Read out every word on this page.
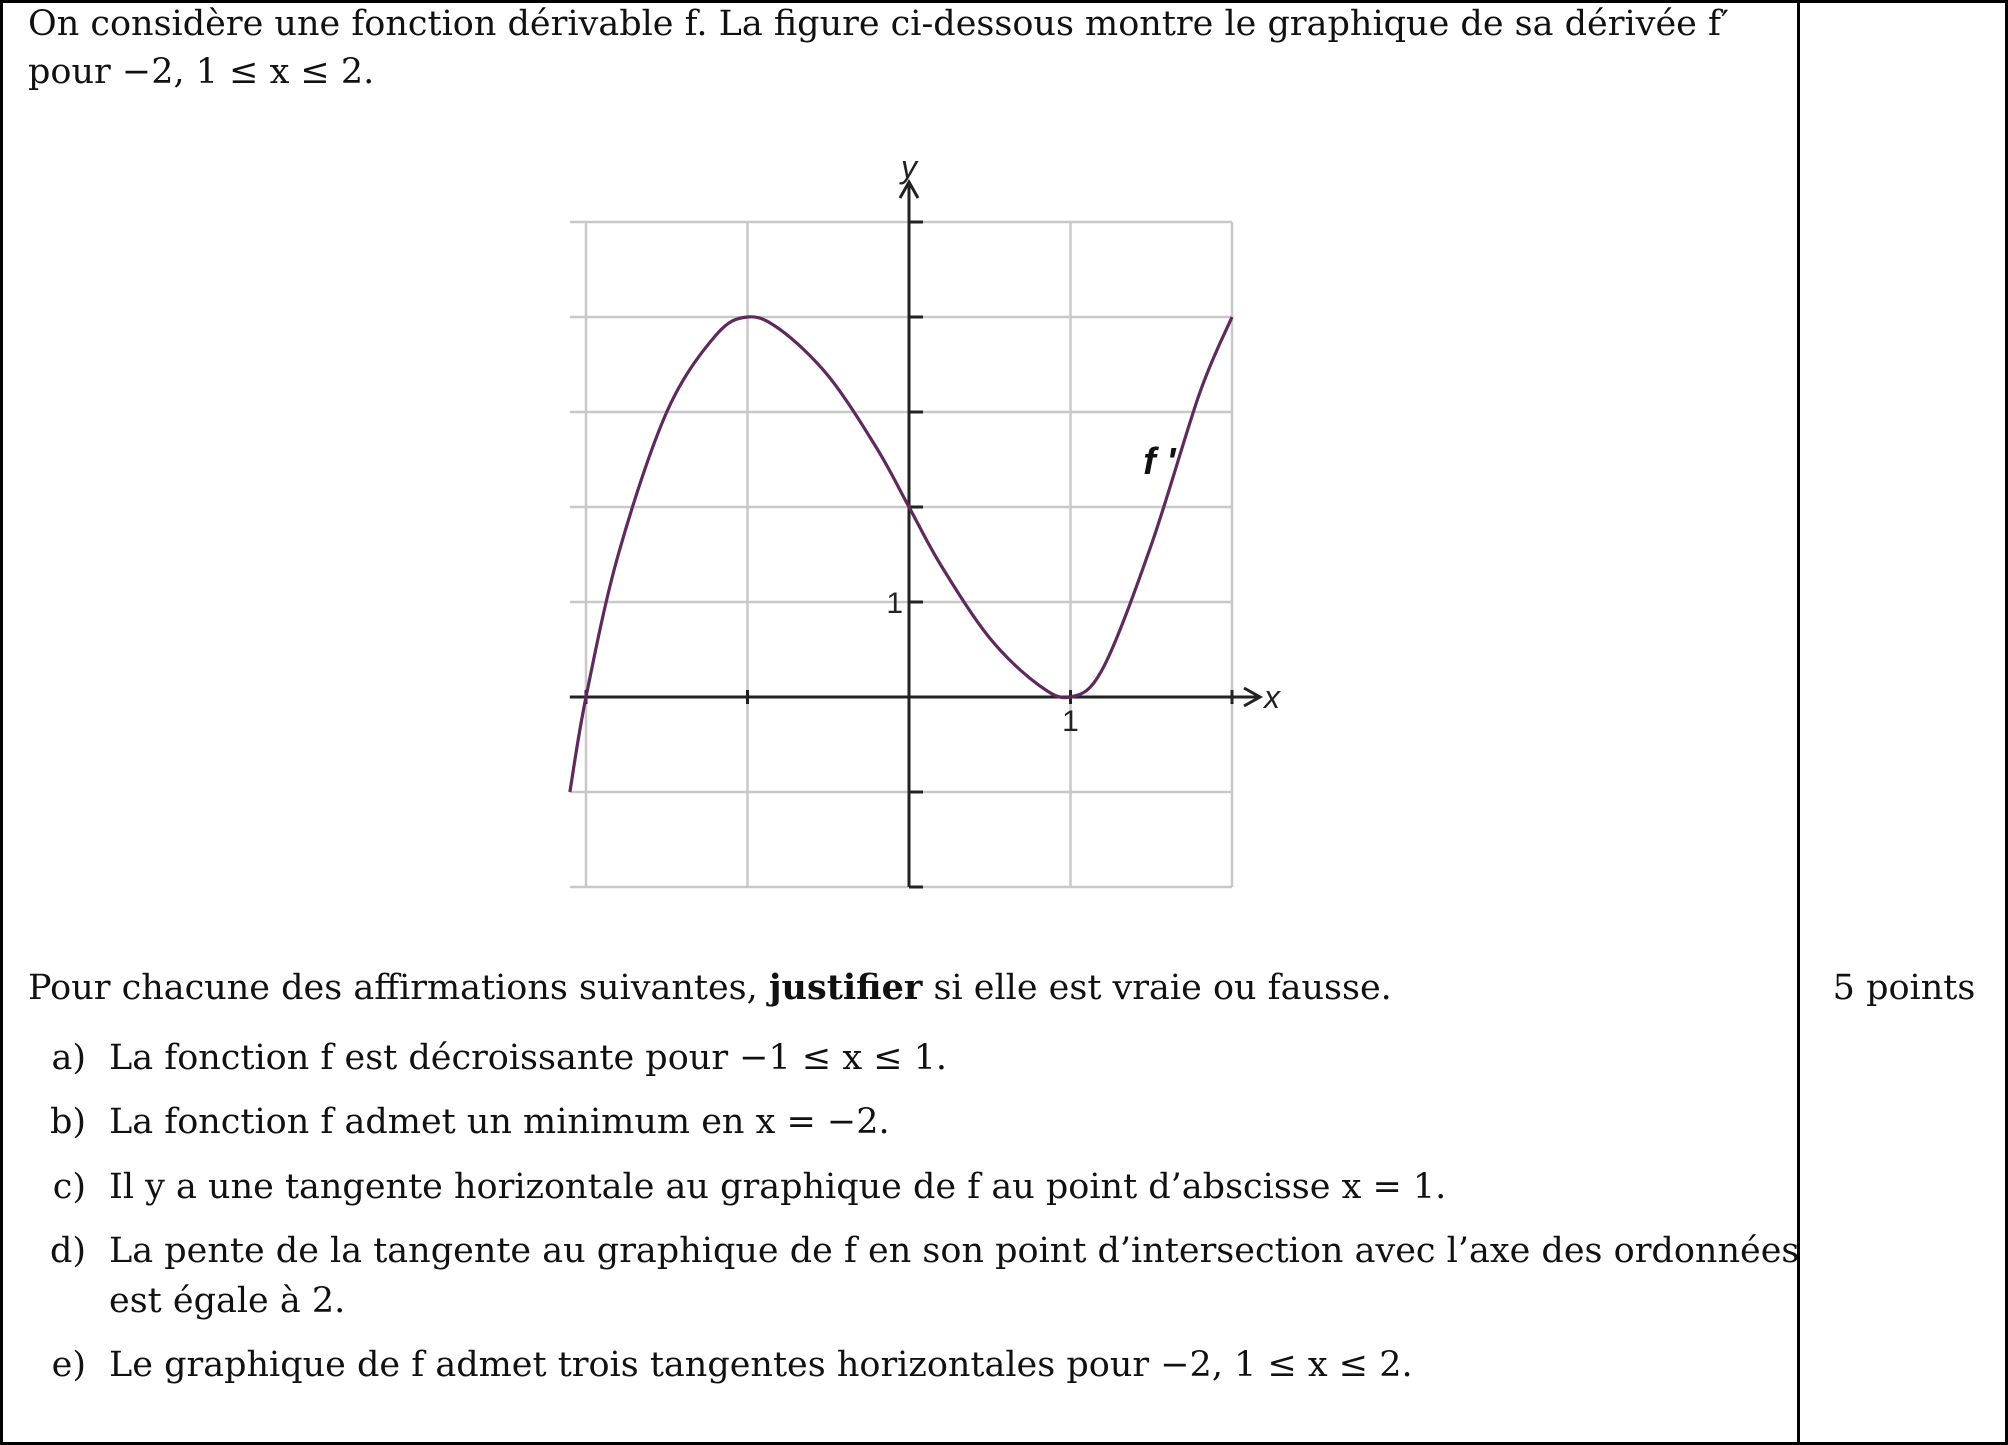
On considère une fonction dérivable f. La figure ci-dessous montre le graphique de sa dérivée f′
pour −2, 1 ≤ x ≤ 2.
y
x
1
1
f '
Pour chacune des affirmations suivantes, justifier si elle est vraie ou fausse.	5 points
a) La fonction f est décroissante pour −1 ≤ x ≤ 1.
b) La fonction f admet un minimum en x = −2.
c) Il y a une tangente horizontale au graphique de f au point d’abscisse x = 1.
d) La pente de la tangente au graphique de f en son point d’intersection avec l’axe des ordonnées
est égale à 2.
e) Le graphique de f admet trois tangentes horizontales pour −2, 1 ≤ x ≤ 2.
